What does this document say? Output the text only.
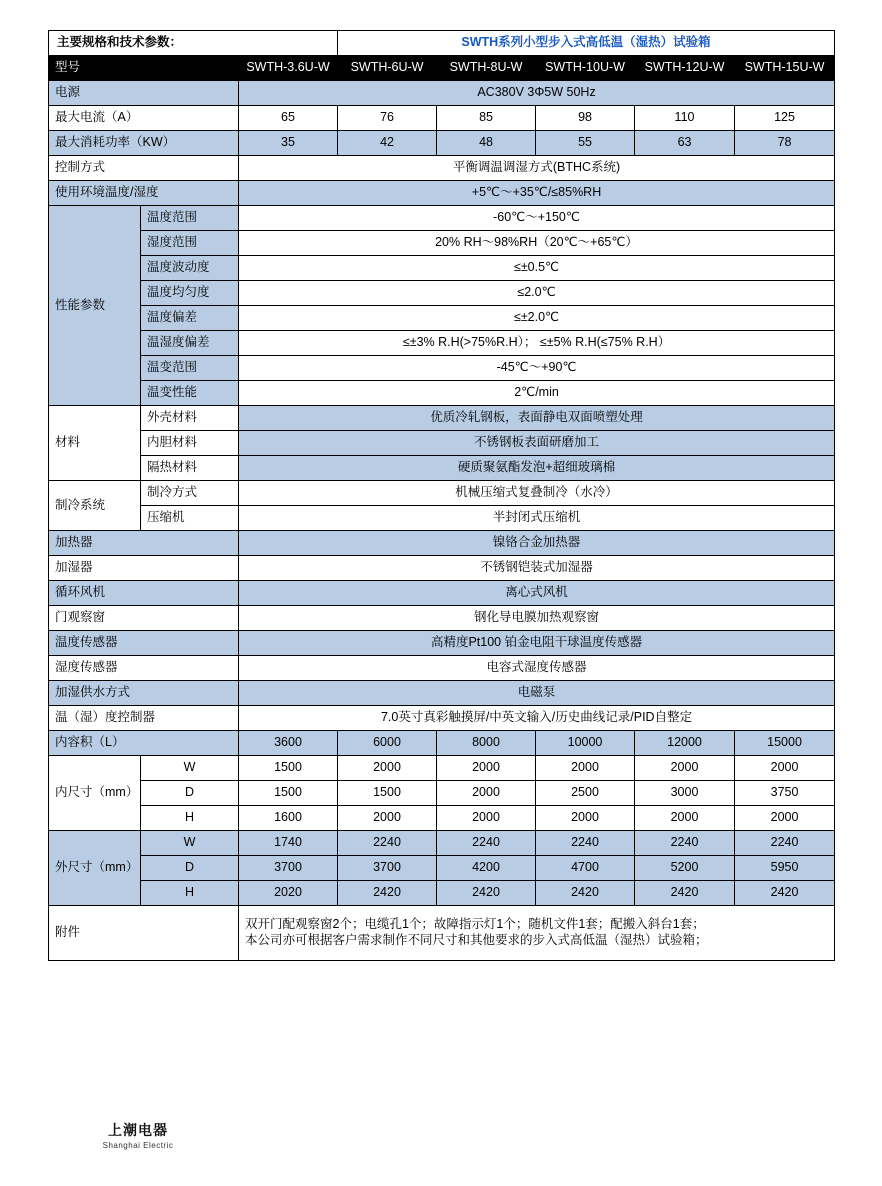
主要规格和技术参数：			SWTH系列小型步入式高低温（湿热）试验箱				
型号		SWTH-3.6U-W	SWTH-6U-W	SWTH-8U-W	SWTH-10U-W	SWTH-12U-W	SWTH-15U-W
电源		AC380V 3Φ5W 50Hz					
最大电流（A）		65	76	85	98	110	125
最大消耗功率（KW）		35	42	48	55	63	78
控制方式		平衡调温调湿方式(BTHC系统)					
使用环境温度/湿度		+5℃～+35℃/≤85%RH					
性能参数	温度范围	-60℃～+150℃					
	湿度范围	20% RH～98%RH（20℃～+65℃）					
	温度波动度	≤±0.5℃					
	温度均匀度	≤2.0℃					
	温度偏差	≤±2.0℃					
	温湿度偏差	≤±3% R.H(>75%R.H）； ≤±5% R.H(≤75% R.H）					
	温变范围	-45℃～+90℃					
	温变性能	2℃/min					
材料	外壳材料	优质冷轧钢板，表面静电双面喷塑处理					
	内胆材料	不锈钢板表面研磨加工					
	隔热材料	硬质聚氨酯发泡+超细玻璃棉					
制冷系统	制冷方式	机械压缩式复叠制冷（水冷）					
	压缩机	半封闭式压缩机					
加热器		镍铬合金加热器					
加湿器		不锈钢铠装式加湿器					
循环风机		离心式风机					
门观察窗		钢化导电膜加热观察窗					
温度传感器		高精度Pt100 铂金电阻干球温度传感器					
湿度传感器		电容式湿度传感器					
加湿供水方式		电磁泵					
温（湿）度控制器		7.0英寸真彩触摸屏/中英文输入/历史曲线记录/PID自整定					
内容积（L）		3600	6000	8000	10000	12000	15000
内尺寸（mm）	W	1500	2000	2000	2000	2000	2000
	D	1500	1500	2000	2500	3000	3750
	H	1600	2000	2000	2000	2000	2000
外尺寸（mm）	W	1740	2240	2240	2240	2240	2240
	D	3700	3700	4200	4700	5200	5950
	H	2020	2420	2420	2420	2420	2420
附件		双开门配观察窗2个；电缆孔1个；故障指示灯1个；随机文件1套；配搬入斜台1套；
本公司亦可根据客户需求制作不同尺寸和其他要求的步入式高低温（湿热）试验箱；					
上潮电器
Shanghai Electric
